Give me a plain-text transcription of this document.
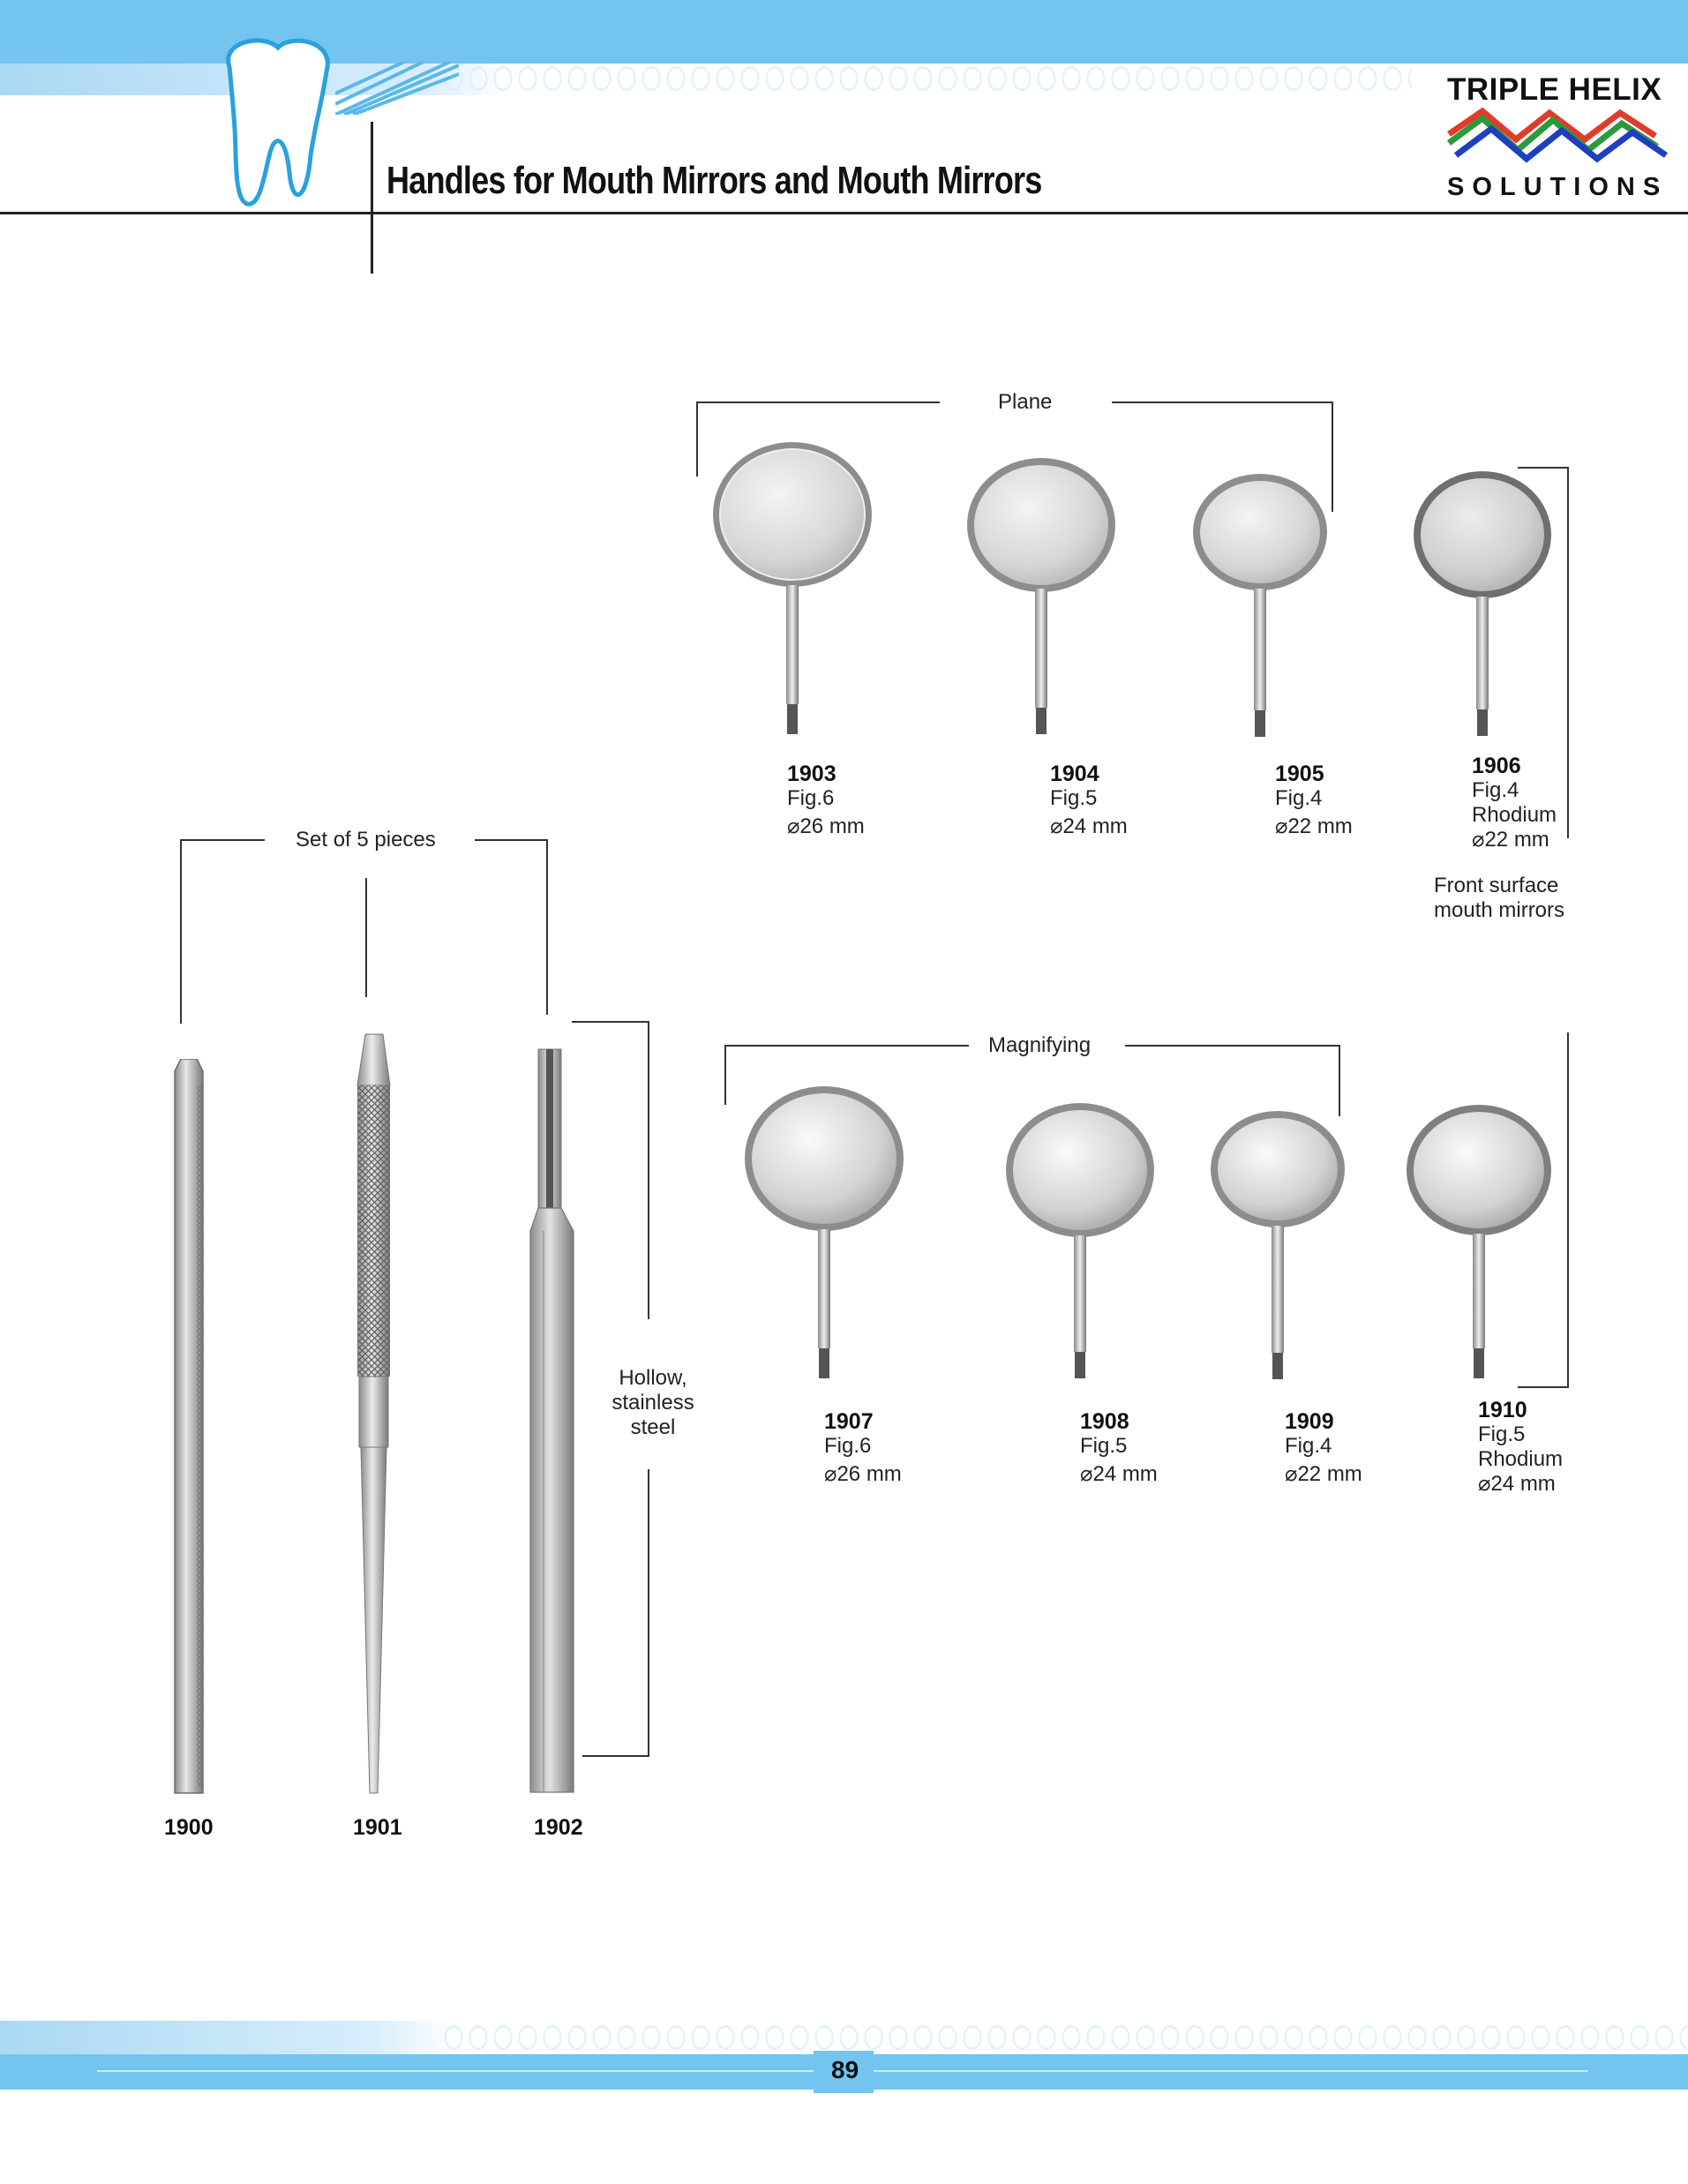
Handles for Mouth Mirrors and Mouth Mirrors
TRIPLE HELIX
SOLUTIONS
Plane
Magnifying
Set of 5 pieces
Hollow,
stainless
steel
Front surface
mouth mirrors
1903
Fig.6
⌀26 mm
1904
Fig.5
⌀24 mm
1905
Fig.4
⌀22 mm
1906
Fig.4
Rhodium
⌀22 mm
1907
Fig.6
⌀26 mm
1908
Fig.5
⌀24 mm
1909
Fig.4
⌀22 mm
1910
Fig.5
Rhodium
⌀24 mm
1900	1901	1902
89
